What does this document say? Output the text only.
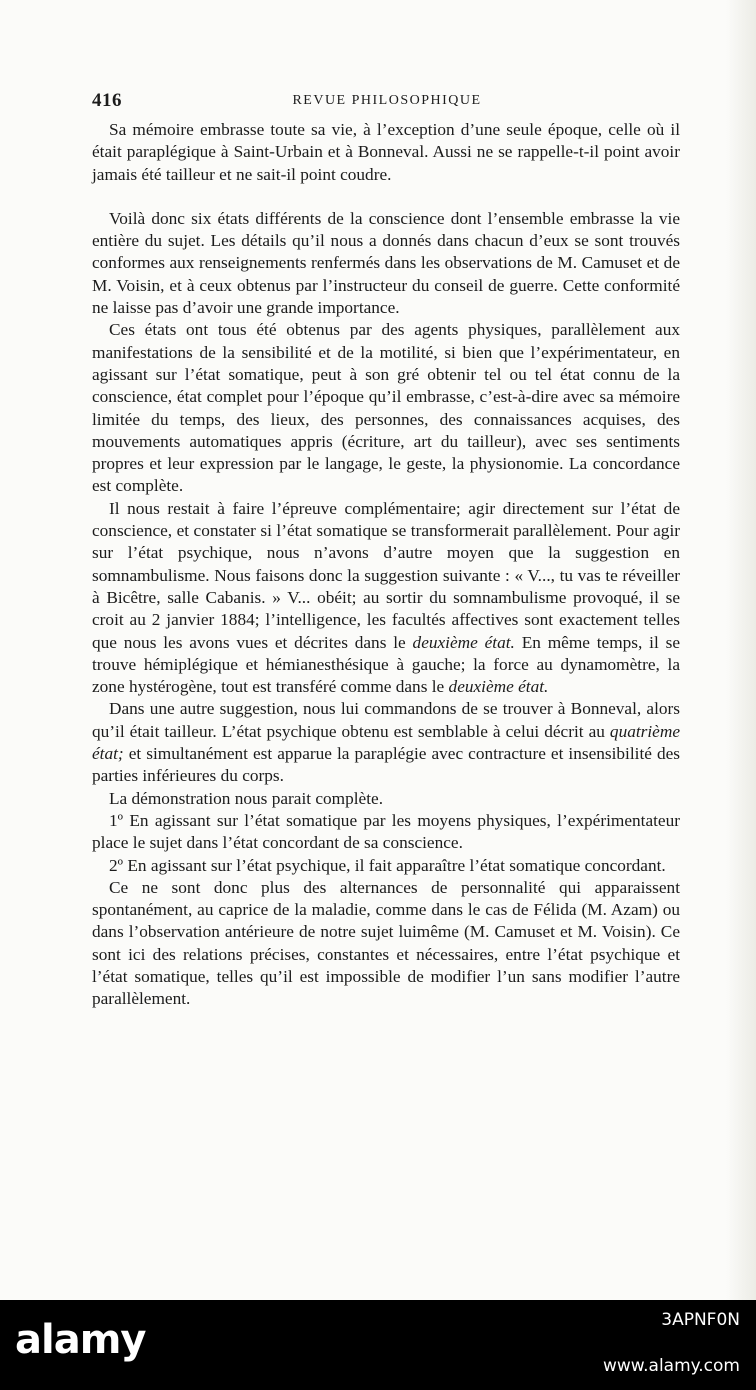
416	REVUE PHILOSOPHIQUE

Sa mémoire embrasse toute sa vie, à l’exception d’une seule époque, celle où il était paraplégique à Saint-Urbain et à Bonneval. Aussi ne se rappelle-t-il point avoir jamais été tailleur et ne sait-il point coudre.

Voilà donc six états différents de la conscience dont l’ensemble embrasse la vie entière du sujet. Les détails qu’il nous a donnés dans chacun d’eux se sont trouvés conformes aux renseignements renfermés dans les observations de M. Camuset et de M. Voisin, et à ceux obtenus par l’instructeur du conseil de guerre. Cette conformité ne laisse pas d’avoir une grande importance.

Ces états ont tous été obtenus par des agents physiques, parallèlement aux manifestations de la sensibilité et de la motilité, si bien que l’expérimentateur, en agissant sur l’état somatique, peut à son gré obtenir tel ou tel état connu de la conscience, état complet pour l’époque qu’il embrasse, c’est-à-dire avec sa mémoire limitée du temps, des lieux, des personnes, des connaissances acquises, des mouvements automatiques appris (écriture, art du tailleur), avec ses sentiments propres et leur expression par le langage, le geste, la physionomie. La concordance est complète.

Il nous restait à faire l’épreuve complémentaire; agir directement sur l’état de conscience, et constater si l’état somatique se transformerait parallèlement. Pour agir sur l’état psychique, nous n’avons d’autre moyen que la suggestion en somnambulisme. Nous faisons donc la suggestion suivante : « V..., tu vas te réveiller à Bicêtre, salle Cabanis. » V... obéit; au sortir du somnambulisme provoqué, il se croit au 2 janvier 1884; l’intelligence, les facultés affectives sont exactement telles que nous les avons vues et décrites dans le deuxième état. En même temps, il se trouve hémiplégique et hémianesthésique à gauche; la force au dynamomètre, la zone hystérogène, tout est transféré comme dans le deuxième état.

Dans une autre suggestion, nous lui commandons de se trouver à Bonneval, alors qu’il était tailleur. L’état psychique obtenu est semblable à celui décrit au quatrième état; et simultanément est apparue la paraplégie avec contracture et insensibilité des parties inférieures du corps.

La démonstration nous parait complète.

1º En agissant sur l’état somatique par les moyens physiques, l’expérimentateur place le sujet dans l’état concordant de sa conscience.

2º En agissant sur l’état psychique, il fait apparaître l’état somatique concordant.

Ce ne sont donc plus des alternances de personnalité qui apparaissent spontanément, au caprice de la maladie, comme dans le cas de Félida (M. Azam) ou dans l’observation antérieure de notre sujet luimême (M. Camuset et M. Voisin). Ce sont ici des relations précises, constantes et nécessaires, entre l’état psychique et l’état somatique, telles qu’il est impossible de modifier l’un sans modifier l’autre parallèlement.

alamy	3APNF0N
www.alamy.com
